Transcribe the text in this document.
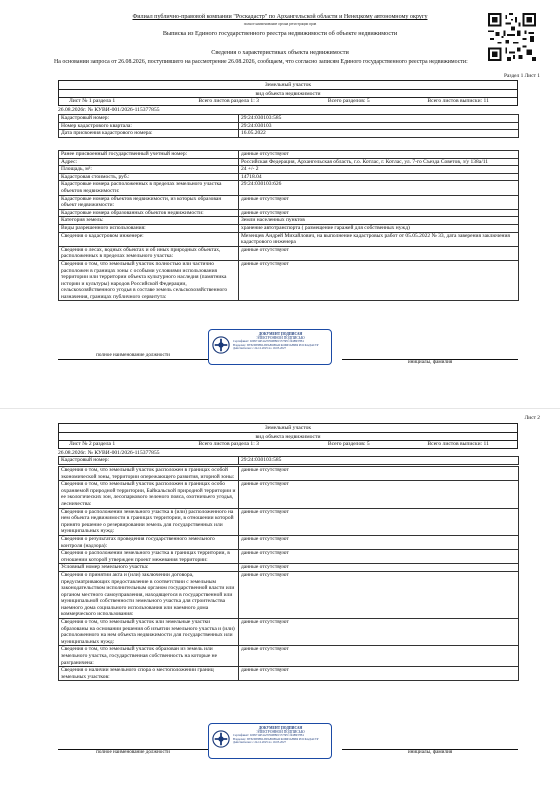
Филиал публично-правовой компании "Роскадастр" по Архангельской области и Ненецкому автономному округу
полное наименование органа регистрации прав
Выписка из Единого государственного реестра недвижимости об объекте недвижимости
Сведения о характеристиках объекта недвижимости
На основании запроса от 26.08.2026, поступившего на рассмотрение 26.08.2026, сообщаем, что согласно записям Единого государственного реестра недвижимости:
Раздел 1 Лист 1
Земельный участок
вид объекта недвижимости
Лист № 1 раздела 1	Всего листов раздела 1: 3	Всего разделов: 5	Всего листов выписки: 11
26.08.2026г. № КУВИ-001/2026-115377855
Кадастровый номер:	29:24:030103:585
Номер кадастрового квартала:	29:24:030103
Дата присвоения кадастрового номера:	16.05.2022
Ранее присвоенный государственный учетный номер:	данные отсутствуют
Адрес:	Российская Федерация, Архангельская область, г.о. Котлас, г. Котлас, ул. 7-го Съезда Советов, з/у 138а/11
Площадь, м²:	24 +/- 2
Кадастровая стоимость, руб.:	14718.04
Кадастровые номера расположенных в пределах земельного участка объектов недвижимости:	29:24:030103:626
Кадастровые номера объектов недвижимости, из которых образован объект недвижимости:	данные отсутствуют
Кадастровые номера образованных объектов недвижимости:	данные отсутствуют
Категория земель:	Земли населенных пунктов
Виды разрешенного использования:	хранение автотранспорта ( размещение гаражей для собственных нужд)
Сведения о кадастровом инженере:	Мезенцев Андрей Михайлович, на выполнение кадастровых работ от 05.05.2022 № 33, дата заверения заключения кадастрового инженера
Сведения о лесах, водных объектах и об иных природных объектах, расположенных в пределах земельного участка:	данные отсутствуют
Сведения о том, что земельный участок полностью или частично расположен в границах зоны с особыми условиями использования территории или территории объекта культурного наследия (памятника истории и культуры) народов Российской Федерации, сельскохозяйственного угодья в составе земель сельскохозяйственного назначения, границах публичного сервитута:	данные отсутствуют
ДОКУМЕНТ ПОДПИСАН
ЭЛЕКТРОННОЙ ПОДПИСЬЮ
Сертификат: 0299714E4A7659988015573EC194B937B4
Владелец: ПУБЛИЧНО-ПРАВОВАЯ КОМПАНИЯ РОСКАДАСТР
Действителен: с 24.12.2025 по 19.03.2027
полное наименование должности
инициалы, фамилия
Лист 2
Земельный участок
вид объекта недвижимости
Лист № 2 раздела 1	Всего листов раздела 1: 3	Всего разделов: 5	Всего листов выписки: 11
26.08.2026г. № КУВИ-001/2026-115377855
Кадастровый номер:	29:24:030103:585
Сведения о том, что земельный участок расположен в границах особой экономической зоны, территории опережающего развития, игорной зоны:	данные отсутствуют
Сведения о том, что земельный участок расположен в границах особо охраняемой природной территории, Байкальской природной территории и ее экологических зон, лесопаркового зеленого пояса, охотничьего угодья, лесничества:	данные отсутствуют
Сведения о расположении земельного участка в (или) расположенного на нем объекта недвижимости в границах территории, в отношении которой принято решение о резервировании земель для государственных или муниципальных нужд:	данные отсутствуют
Сведения о результатах проведения государственного земельного контроля (надзора):	данные отсутствуют
Сведения о расположении земельного участка в границах территории, в отношении которой утвержден проект межевания территории:	данные отсутствуют
Условный номер земельного участка:	данные отсутствуют
Сведения о принятии акта и (или) заключении договора, предусматривающих предоставление в соответствии с земельным законодательством исполнительным органом государственной власти или органом местного самоуправления, находящегося в государственной или муниципальной собственности земельного участка для строительства наемного дома социального использования или наемного дома коммерческого использования:	данные отсутствуют
Сведения о том, что земельный участок или земельные участки образованы на основании решения об изъятии земельного участка и (или) расположенного на нем объекта недвижимости для государственных или муниципальных нужд:	данные отсутствуют
Сведения о том, что земельный участок образован из земель или земельного участка, государственная собственность на которые не разграничена:	данные отсутствуют
Сведения о наличии земельного спора о местоположении границ земельных участков:	данные отсутствуют
ДОКУМЕНТ ПОДПИСАН
ЭЛЕКТРОННОЙ ПОДПИСЬЮ
Сертификат: 0299714E4A7659988015573EC194B937B4
Владелец: ПУБЛИЧНО-ПРАВОВАЯ КОМПАНИЯ РОСКАДАСТР
Действителен: с 24.12.2025 по 19.03.2027
полное наименование должности	инициалы, фамилия
